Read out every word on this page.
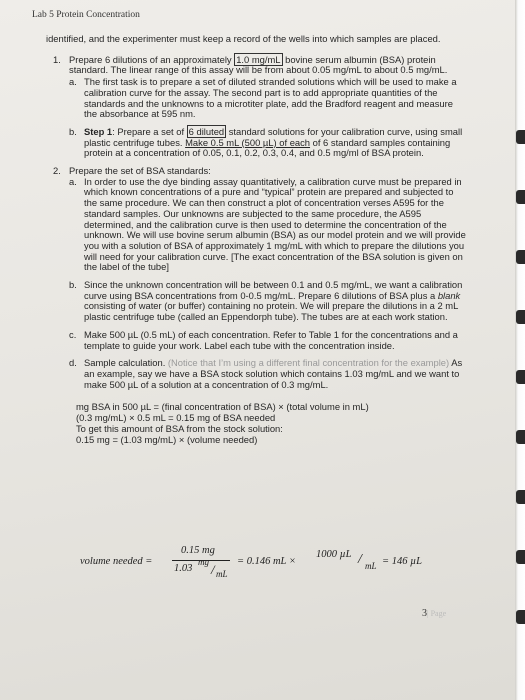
Lab 5 Protein Concentration

identified, and the experimenter must keep a record of the wells into which samples are placed.

1. Prepare 6 dilutions of an approximately 1.0 mg/mL bovine serum albumin (BSA) protein standard. The linear range of this assay will be from about 0.05 mg/mL to about 0.5 mg/mL.

a. The first task is to prepare a set of diluted stranded solutions which will be used to make a calibration curve for the assay. The second part is to add appropriate quantities of the standards and the unknowns to a microtiter plate, add the Bradford reagent and measure the absorbance at 595 nm.

b. Step 1: Prepare a set of 6 diluted standard solutions for your calibration curve, using small plastic centrifuge tubes. Make 0.5 mL (500 µL) of each of 6 standard samples containing protein at a concentration of 0.05, 0.1, 0.2, 0.3, 0.4, and 0.5 mg/ml of BSA protein.

2. Prepare the set of BSA standards:

a. In order to use the dye binding assay quantitatively, a calibration curve must be prepared in which known concentrations of a pure and “typical” protein are prepared and subjected to the same procedure. We can then construct a plot of concentration verses A595 for the standard samples. Our unknowns are subjected to the same procedure, the A595 determined, and the calibration curve is then used to determine the concentration of the unknown. We will use bovine serum albumin (BSA) as our model protein and we will provide you with a solution of BSA of approximately 1 mg/mL with which to prepare the dilutions you will need for your calibration curve. [The exact concentration of the BSA solution is given on the label of the tube]

b. Since the unknown concentration will be between 0.1 and 0.5 mg/mL, we want a calibration curve using BSA concentrations from 0-0.5 mg/mL. Prepare 6 dilutions of BSA plus a blank consisting of water (or buffer) containing no protein. We will prepare the dilutions in a 2 mL plastic centrifuge tube (called an Eppendorph tube). The tubes are at each work station.

c. Make 500 µL (0.5 mL) of each concentration. Refer to Table 1 for the concentrations and a template to guide your work. Label each tube with the concentration inside.

d. Sample calculation. (Notice that I’m using a different final concentration for the example) As an example, say we have a BSA stock solution which contains 1.03 mg/mL and we want to make 500 µL of a solution at a concentration of 0.3 mg/mL.

mg BSA in 500 µL = (final concentration of BSA) × (total volume in mL)

(0.3 mg/mL) × 0.5 mL = 0.15 mg of BSA needed

To get this amount of BSA from the stock solution:

0.15 mg = (1.03 mg/mL) × (volume needed)

volume needed =
0.15 mg
1.03
mg / mL
= 0.146 mL ×
1000 µL / mL = 146 µL
3| Page
